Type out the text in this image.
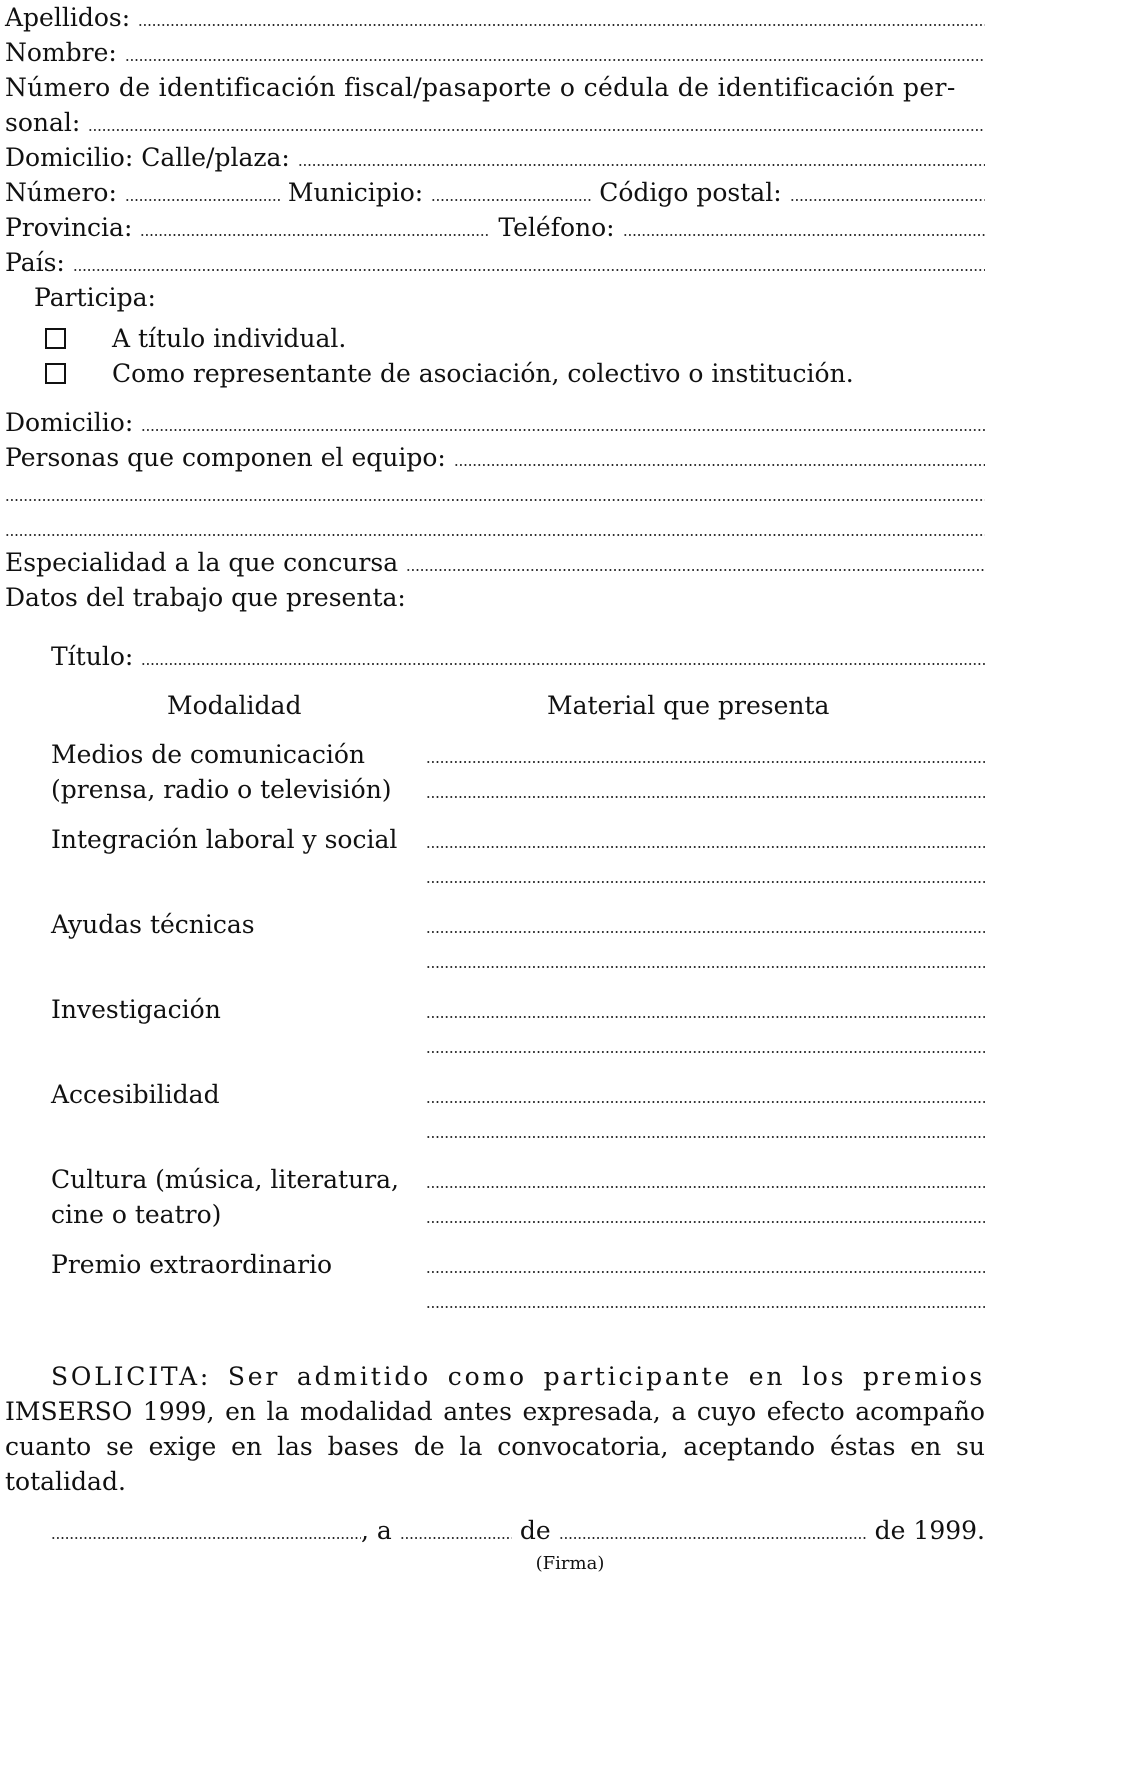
Apellidos:
Nombre:
Número de identificación fiscal/pasaporte o cédula de identificación per-
sonal:
Domicilio: Calle/plaza:
Número:	Municipio:	Código postal:
Provincia:	Teléfono:
País:
Participa:
A título individual.
Como representante de asociación, colectivo o institución.
Domicilio:
Personas que componen el equipo:
Especialidad a la que concursa
Datos del trabajo que presenta:
Título:
Modalidad	Material que presenta
Medios de comunicación
(prensa, radio o televisión)
Integración laboral y social
Ayudas técnicas
Investigación
Accesibilidad
Cultura (música, literatura,
cine o teatro)
Premio extraordinario
SOLICITA: Ser admitido como participante en los premios IMSERSO 1999, en la modalidad antes expresada, a cuyo efecto acompaño cuanto se exige en las bases de la convocatoria, aceptando éstas en su totalidad.
, a	de	de 1999.
(Firma)
